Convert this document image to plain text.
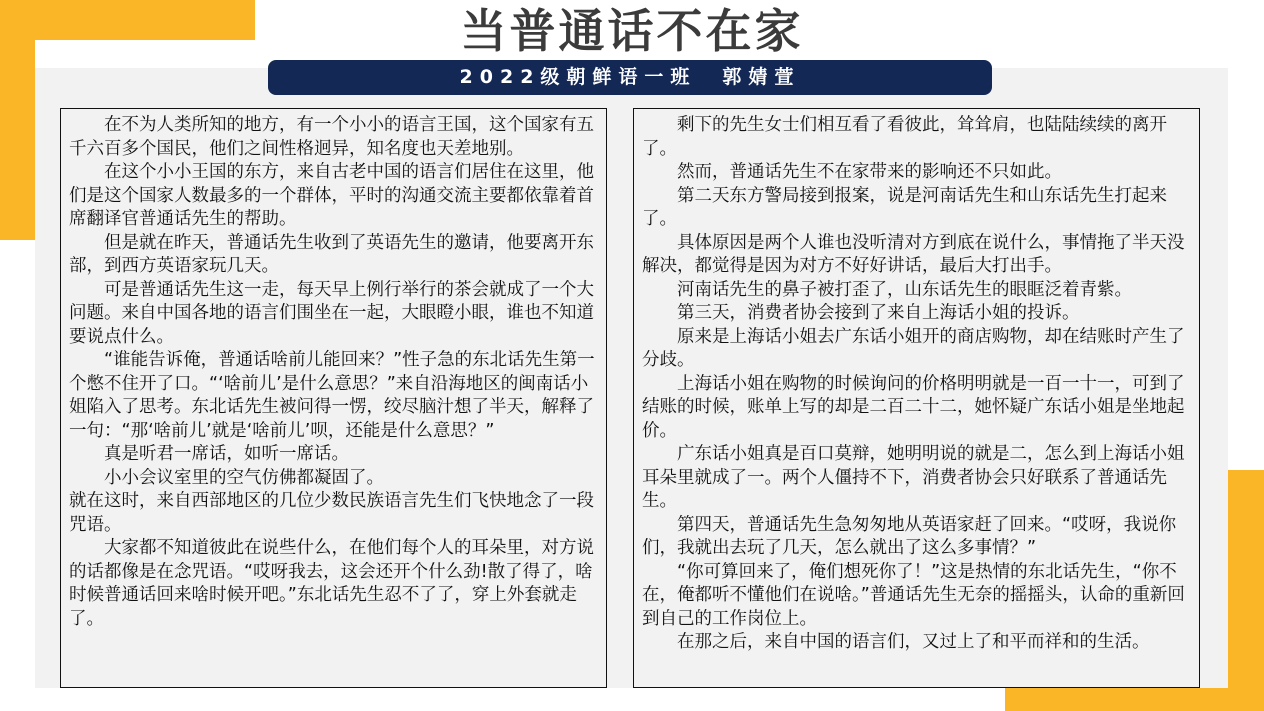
当普通话不在家
2022级朝鲜语一班　郭婧萱

　　在不为人类所知的地方，有一个小小的语言王国，这个国家有五千六百多个国民，他们之间性格迥异，知名度也天差地别。

　　在这个小小王国的东方，来自古老中国的语言们居住在这里，他们是这个国家人数最多的一个群体，平时的沟通交流主要都依靠着首席翻译官普通话先生的帮助。

　　但是就在昨天，普通话先生收到了英语先生的邀请，他要离开东部，到西方英语家玩几天。

　　可是普通话先生这一走，每天早上例行举行的茶会就成了一个大问题。来自中国各地的语言们围坐在一起，大眼瞪小眼，谁也不知道要说点什么。

　　“谁能告诉俺，普通话啥前儿能回来？”性子急的东北话先生第一个憋不住开了口。“‘啥前儿’是什么意思？”来自沿海地区的闽南话小姐陷入了思考。东北话先生被问得一愣，绞尽脑汁想了半天，解释了一句：“那‘啥前儿’就是‘啥前儿’呗，还能是什么意思？”

　　真是听君一席话，如听一席话。

　　小小会议室里的空气仿佛都凝固了。

就在这时，来自西部地区的几位少数民族语言先生们飞快地念了一段咒语。

　　大家都不知道彼此在说些什么，在他们每个人的耳朵里，对方说的话都像是在念咒语。“哎呀我去，这会还开个什么劲!散了得了，啥时候普通话回来啥时候开吧。”东北话先生忍不了了，穿上外套就走了。

　　剩下的先生女士们相互看了看彼此，耸耸肩，也陆陆续续的离开了。

　　然而，普通话先生不在家带来的影响还不只如此。

　　第二天东方警局接到报案，说是河南话先生和山东话先生打起来了。

　　具体原因是两个人谁也没听清对方到底在说什么，事情拖了半天没解决，都觉得是因为对方不好好讲话，最后大打出手。

　　河南话先生的鼻子被打歪了，山东话先生的眼眶泛着青紫。

　　第三天，消费者协会接到了来自上海话小姐的投诉。

　　原来是上海话小姐去广东话小姐开的商店购物，却在结账时产生了分歧。

　　上海话小姐在购物的时候询问的价格明明就是一百一十一，可到了结账的时候，账单上写的却是二百二十二，她怀疑广东话小姐是坐地起价。

　　广东话小姐真是百口莫辩，她明明说的就是二，怎么到上海话小姐耳朵里就成了一。两个人僵持不下，消费者协会只好联系了普通话先生。

　　第四天，普通话先生急匆匆地从英语家赶了回来。“哎呀，我说你们，我就出去玩了几天，怎么就出了这么多事情？”

　　“你可算回来了，俺们想死你了！”这是热情的东北话先生，“你不在，俺都听不懂他们在说啥。”普通话先生无奈的摇摇头，认命的重新回到自己的工作岗位上。

　　在那之后，来自中国的语言们，又过上了和平而祥和的生活。
